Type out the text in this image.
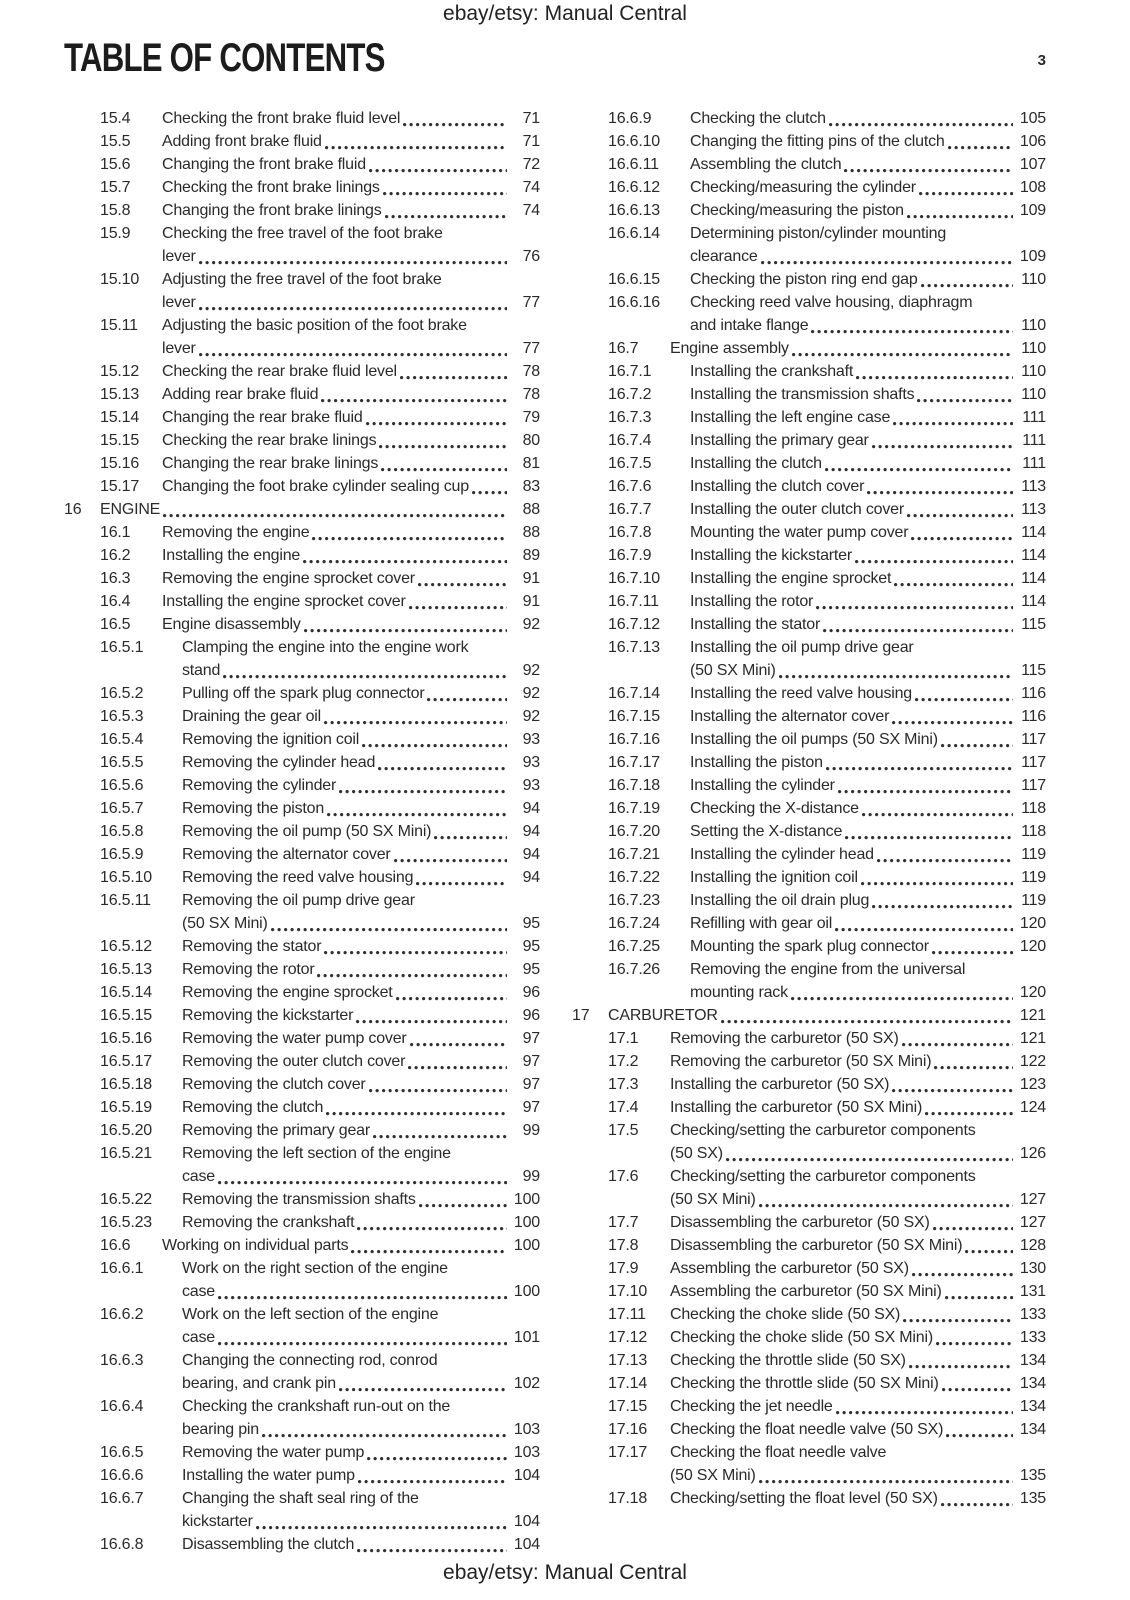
ebay/etsy: Manual Central
TABLE OF CONTENTS	3
15.4	Checking the front brake fluid level	71
15.5	Adding front brake fluid	71
15.6	Changing the front brake fluid	72
15.7	Checking the front brake linings	74
15.8	Changing the front brake linings	74
15.9	Checking the free travel of the foot brake
lever	76
15.10	Adjusting the free travel of the foot brake
lever	77
15.11	Adjusting the basic position of the foot brake
lever	77
15.12	Checking the rear brake fluid level	78
15.13	Adding rear brake fluid	78
15.14	Changing the rear brake fluid	79
15.15	Checking the rear brake linings	80
15.16	Changing the rear brake linings	81
15.17	Changing the foot brake cylinder sealing cup	83
16	ENGINE	88
16.1	Removing the engine	88
16.2	Installing the engine	89
16.3	Removing the engine sprocket cover	91
16.4	Installing the engine sprocket cover	91
16.5	Engine disassembly	92
16.5.1	Clamping the engine into the engine work
stand	92
16.5.2	Pulling off the spark plug connector	92
16.5.3	Draining the gear oil	92
16.5.4	Removing the ignition coil	93
16.5.5	Removing the cylinder head	93
16.5.6	Removing the cylinder	93
16.5.7	Removing the piston	94
16.5.8	Removing the oil pump (50 SX Mini)	94
16.5.9	Removing the alternator cover	94
16.5.10	Removing the reed valve housing	94
16.5.11	Removing the oil pump drive gear
(50 SX Mini)	95
16.5.12	Removing the stator	95
16.5.13	Removing the rotor	95
16.5.14	Removing the engine sprocket	96
16.5.15	Removing the kickstarter	96
16.5.16	Removing the water pump cover	97
16.5.17	Removing the outer clutch cover	97
16.5.18	Removing the clutch cover	97
16.5.19	Removing the clutch	97
16.5.20	Removing the primary gear	99
16.5.21	Removing the left section of the engine
case	99
16.5.22	Removing the transmission shafts	100
16.5.23	Removing the crankshaft	100
16.6	Working on individual parts	100
16.6.1	Work on the right section of the engine
case	100
16.6.2	Work on the left section of the engine
case	101
16.6.3	Changing the connecting rod, conrod
bearing, and crank pin	102
16.6.4	Checking the crankshaft run-out on the
bearing pin	103
16.6.5	Removing the water pump	103
16.6.6	Installing the water pump	104
16.6.7	Changing the shaft seal ring of the
kickstarter	104
16.6.8	Disassembling the clutch	104
16.6.9	Checking the clutch	105
16.6.10	Changing the fitting pins of the clutch	106
16.6.11	Assembling the clutch	107
16.6.12	Checking/measuring the cylinder	108
16.6.13	Checking/measuring the piston	109
16.6.14	Determining piston/cylinder mounting
clearance	109
16.6.15	Checking the piston ring end gap	110
16.6.16	Checking reed valve housing, diaphragm
and intake flange	110
16.7	Engine assembly	110
16.7.1	Installing the crankshaft	110
16.7.2	Installing the transmission shafts	110
16.7.3	Installing the left engine case	111
16.7.4	Installing the primary gear	111
16.7.5	Installing the clutch	111
16.7.6	Installing the clutch cover	113
16.7.7	Installing the outer clutch cover	113
16.7.8	Mounting the water pump cover	114
16.7.9	Installing the kickstarter	114
16.7.10	Installing the engine sprocket	114
16.7.11	Installing the rotor	114
16.7.12	Installing the stator	115
16.7.13	Installing the oil pump drive gear
(50 SX Mini)	115
16.7.14	Installing the reed valve housing	116
16.7.15	Installing the alternator cover	116
16.7.16	Installing the oil pumps (50 SX Mini)	117
16.7.17	Installing the piston	117
16.7.18	Installing the cylinder	117
16.7.19	Checking the X-distance	118
16.7.20	Setting the X-distance	118
16.7.21	Installing the cylinder head	119
16.7.22	Installing the ignition coil	119
16.7.23	Installing the oil drain plug	119
16.7.24	Refilling with gear oil	120
16.7.25	Mounting the spark plug connector	120
16.7.26	Removing the engine from the universal
mounting rack	120
17	CARBURETOR	121
17.1	Removing the carburetor (50 SX)	121
17.2	Removing the carburetor (50 SX Mini)	122
17.3	Installing the carburetor (50 SX)	123
17.4	Installing the carburetor (50 SX Mini)	124
17.5	Checking/setting the carburetor components
(50 SX)	126
17.6	Checking/setting the carburetor components
(50 SX Mini)	127
17.7	Disassembling the carburetor (50 SX)	127
17.8	Disassembling the carburetor (50 SX Mini)	128
17.9	Assembling the carburetor (50 SX)	130
17.10	Assembling the carburetor (50 SX Mini)	131
17.11	Checking the choke slide (50 SX)	133
17.12	Checking the choke slide (50 SX Mini)	133
17.13	Checking the throttle slide (50 SX)	134
17.14	Checking the throttle slide (50 SX Mini)	134
17.15	Checking the jet needle	134
17.16	Checking the float needle valve (50 SX)	134
17.17	Checking the float needle valve
(50 SX Mini)	135
17.18	Checking/setting the float level (50 SX)	135
ebay/etsy: Manual Central
